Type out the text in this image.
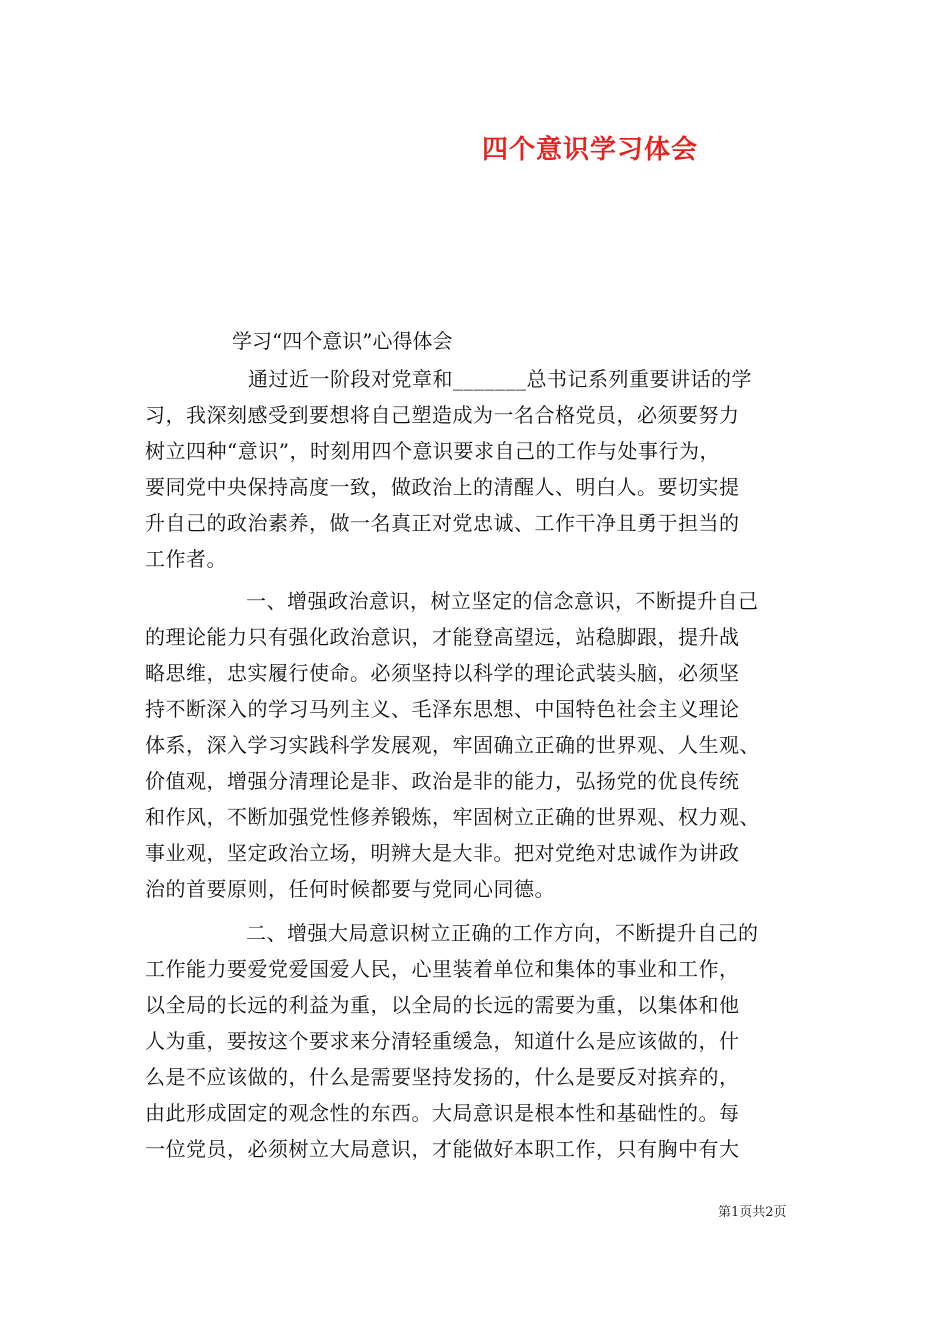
四个意识学习体会
学习“四个意识”心得体会
通过近一阶段对党章和_______总书记系列重要讲话的学
习，我深刻感受到要想将自己塑造成为一名合格党员，必须要努力
树立四种“意识”，时刻用四个意识要求自己的工作与处事行为，
要同党中央保持高度一致，做政治上的清醒人、明白人。要切实提
升自己的政治素养，做一名真正对党忠诚、工作干净且勇于担当的
工作者。
一、增强政治意识，树立坚定的信念意识，不断提升自己
的理论能力只有强化政治意识，才能登高望远，站稳脚跟，提升战
略思维，忠实履行使命。必须坚持以科学的理论武装头脑，必须坚
持不断深入的学习马列主义、毛泽东思想、中国特色社会主义理论
体系，深入学习实践科学发展观，牢固确立正确的世界观、人生观、
价值观，增强分清理论是非、政治是非的能力，弘扬党的优良传统
和作风，不断加强党性修养锻炼，牢固树立正确的世界观、权力观、
事业观，坚定政治立场，明辨大是大非。把对党绝对忠诚作为讲政
治的首要原则，任何时候都要与党同心同德。
二、增强大局意识树立正确的工作方向，不断提升自己的
工作能力要爱党爱国爱人民，心里装着单位和集体的事业和工作，
以全局的长远的利益为重，以全局的长远的需要为重，以集体和他
人为重，要按这个要求来分清轻重缓急，知道什么是应该做的，什
么是不应该做的，什么是需要坚持发扬的，什么是要反对摈弃的，
由此形成固定的观念性的东西。大局意识是根本性和基础性的。每
一位党员，必须树立大局意识，才能做好本职工作，只有胸中有大
第1页共2页
